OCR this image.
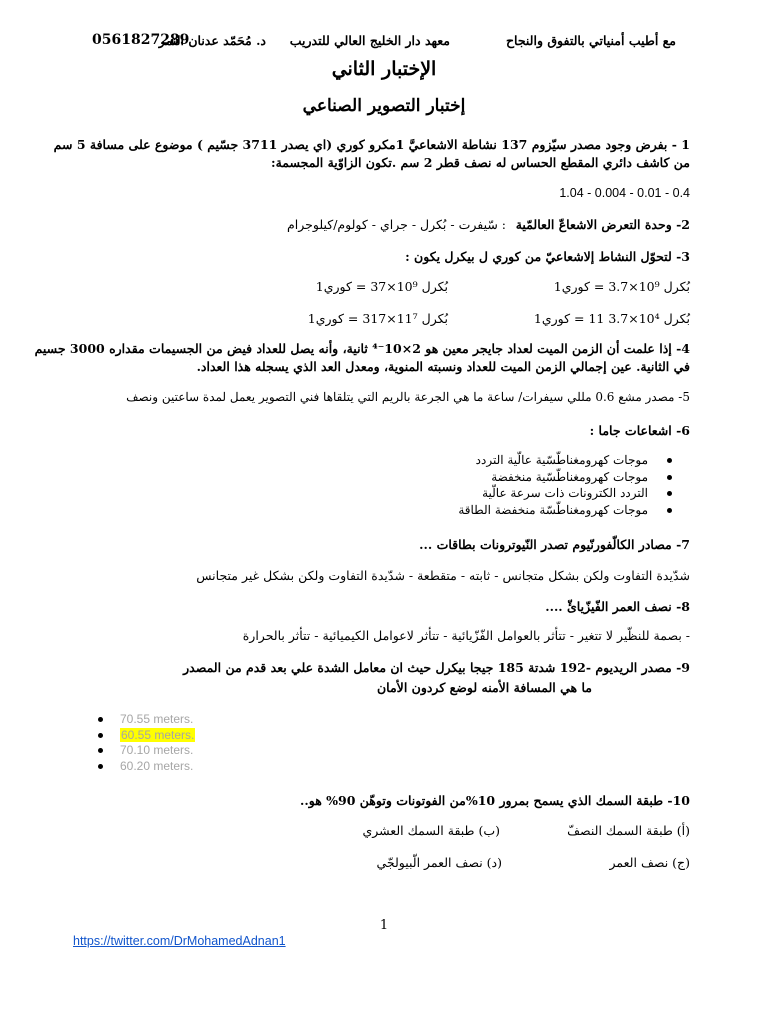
مع أطيب أمنياتي بالتفوق والنجاح
معهد دار الخليج العالي للتدريب
د. مُحَمّد عدنان النمر
0561827289
الإختبار الثاني
إختبار التصوير الصناعي
1 - بفرض وجود مصدر سيّزوم 137 نشاطة الاشعاعيَّ 1مكرو كوري (اي يصدر 3711 جسّيم ) موضوع على مسافة 5 سم
من كاشف دائري المقطع الحساس له نصف قطر 2 سم .تكون الزاوّية المجسمة:
1.04 - 0.004 - 0.01 - 0.4
2- وحدة التعرض الاشعاعّ العالمّية
: سّيفرت - بُكرل - جراي - كولوم/كيلوجرام
3- لتحوّل النشاط إلاشعاعيّ من كوري ل بيكرل يكون :
بُكرل 10⁹×3.7 = كوري1
بُكرل 10⁹×37 = كوري1
بُكرل 10⁴×3.7 11 = كوري1
بُكرل 11⁷×317 = كوري1
4- إذا علمت أن الزمن الميت لعداد جايجر معين هو 2×10⁻⁴ ثانية، وأنه يصل للعداد فيض من الجسيمات مقداره 3000 جسيم
في الثانية. عين إجمالي الزمن الميت للعداد ونسبته المنوية، ومعدل العد الذي يسجله هذا العداد.
5- مصدر مشع 0.6 مللي سيفرات/ ساعة ما هي الجرعة بالريم التي يتلقاها فني التصوير يعمل لمدة ساعتين ونصف
6- اشعاعات جاما :
موجات كهرومغناطّسّية عالّية التردد
موجات كهرومغناطّسّية منخفضة
التردد الكترونات ذات سرعة عالّية
موجات كهرومغناطّسّة منخفضة الطاقة
7- مصادر الكالّفورنّيوم تصدر النّيوترونات بطاقات ...
شدّيدة التفاوت ولكن بشكل متجانس - ثابته - متقطعة - شدّيدة التفاوت ولكن بشكل غير متجانس
8- نصف العمر الفّيزّيائّ ....
- بصمة للنظّير لا تتغير - تتأثر بالعوامل الفّزّيائية - تتأثر لاعوامل الكيميائية - تتأثر بالحرارة
9- مصدر الريديوم -192 شدتة 185 جيجا بيكرل حيث ان معامل الشدة علي بعد قدم من المصدر
ما هي المسافة الأمنه لوضع كردون الأمان
70.55 meters.
60.55 meters.
70.10 meters.
60.20 meters.
10- طبقة السمك الذي يسمح بمرور 10%من الفوتونات وتوهّن 90% هو..
(أ) طبقة السمك النصفّ
(ب) طبقة السمك العشري
(ج) نصف العمر
(د) نصف العمر الّبيولجّي
1
https://twitter.com/DrMohamedAdnan1
